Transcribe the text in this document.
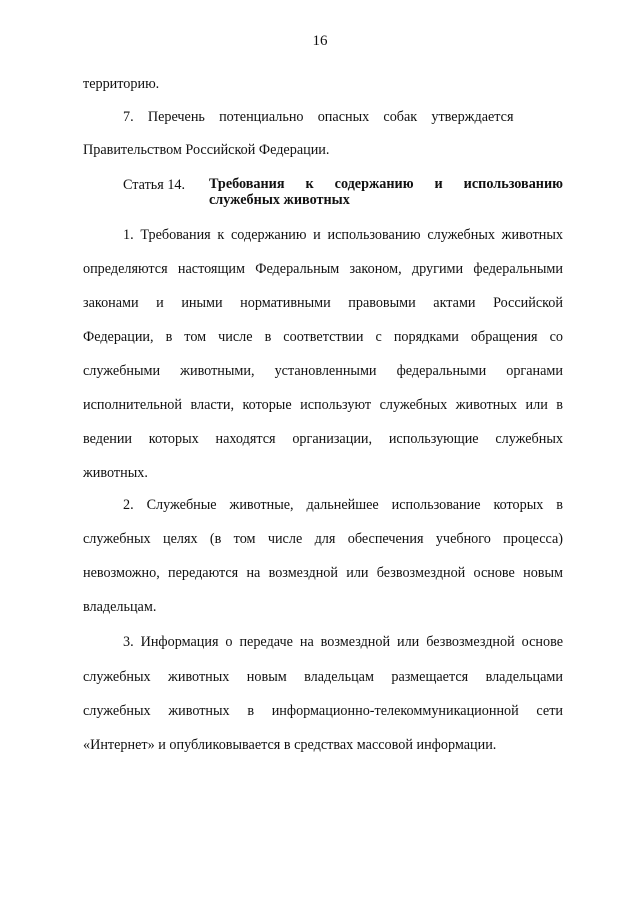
16
территорию.
7. Перечень потенциально опасных собак утверждается
Правительством Российской Федерации.
Статья 14.	Требования к содержанию и использованию
служебных животных
1. Требования к содержанию и использованию служебных животных
определяются настоящим Федеральным законом, другими федеральными
законами и иными нормативными правовыми актами Российской
Федерации, в том числе в соответствии с порядками обращения со
служебными животными, установленными федеральными органами
исполнительной власти, которые используют служебных животных или в
ведении которых находятся организации, использующие служебных
животных.
2. Служебные животные, дальнейшее использование которых в
служебных целях (в том числе для обеспечения учебного процесса)
невозможно, передаются на возмездной или безвозмездной основе новым
владельцам.
3. Информация о передаче на возмездной или безвозмездной основе
служебных животных новым владельцам размещается владельцами
служебных животных в информационно-телекоммуникационной сети
«Интернет» и опубликовывается в средствах массовой информации.
